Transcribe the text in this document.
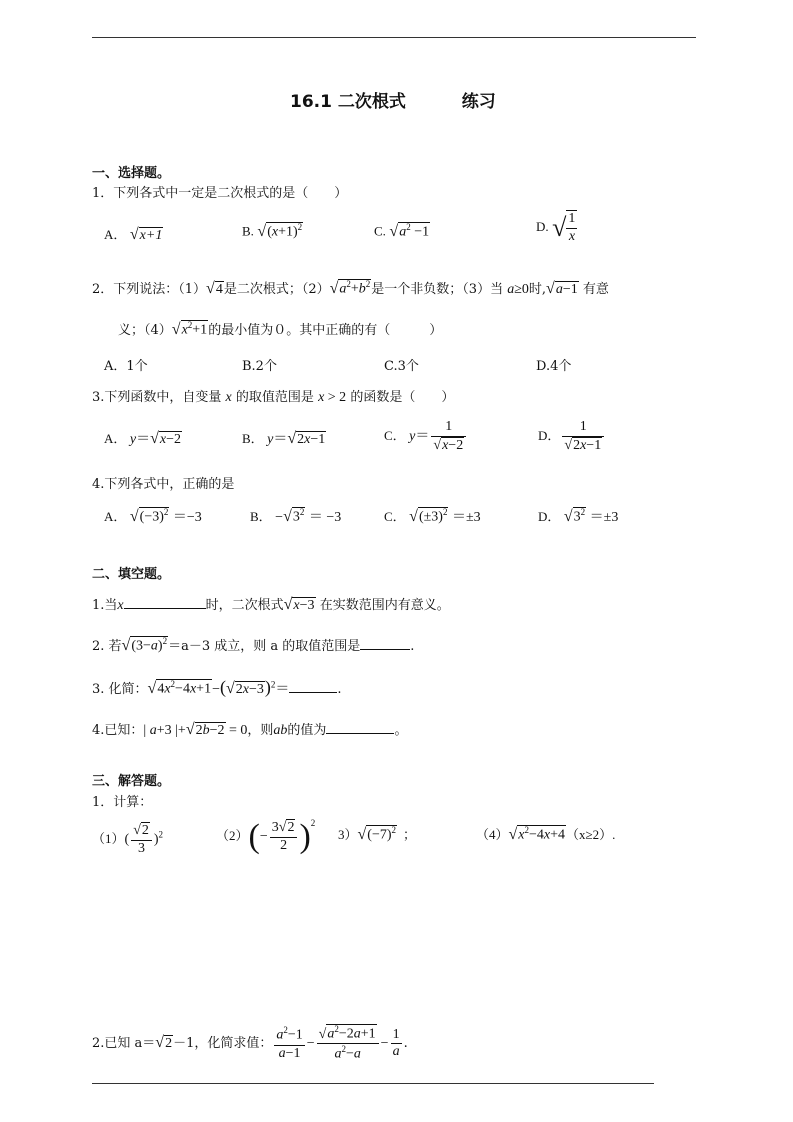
16.1 二次根式	练习
一、选择题。
1．下列各式中一定是二次根式的是（　　）
A． √x+1	B. $√(x+1)^2$	C. $√a^2 -1$	D. √ $\frac{1}{x}$
2．下列说法：（1）√4是二次根式；$(2)√a^2+b^2$是一个非负数；（3）当 a≥0时,√a−1 有意
义；$(4)√x^2+1$的最小值为０。其中正确的有（　　　）
A．1个	B.2个	C.3个	D.4个
3.下列函数中，自变量 x 的取值范围是 x > 2 的函数是（　　）
A． y＝√x−2	B． y＝√2x−1	C． $y= \frac{1}{√x-2}$	D． $\frac{1}{√2x-1}$
4.下列各式中，正确的是
A． $√(-3)^2 =-3$	B． $-√3^2 = -3$	C． $√(\pm 3)^2 =\pm 3$	D． $√3^2 =\pm 3$
二、填空题。
1.当x	时，二次根式√x−3 在实数范围内有意义。
2. 若$√(3-a)^2=a-3$ 成立，则 a 的取值范围是	.
3. 化简：$√4x^2-4x+1-(√2x-3)^2=$	.
4.已知：| a+3 |+√2b−2 = 0，则ab的值为	。
三、解答题。
1．计算：
$(1)( \frac{√2}{3} )^2$	$(2)(- \frac{3√2}{2} )^2$
$3)√(-7)^2$ ；	$(4)√x^2-4x+4(x\ge 2)$.
2.已知 a＝√2－1，化简求值： $\frac{a^2-1}{a-1} - \frac{√a^2-2a+1}{a^2-a} - \frac{1}{a}$ .
